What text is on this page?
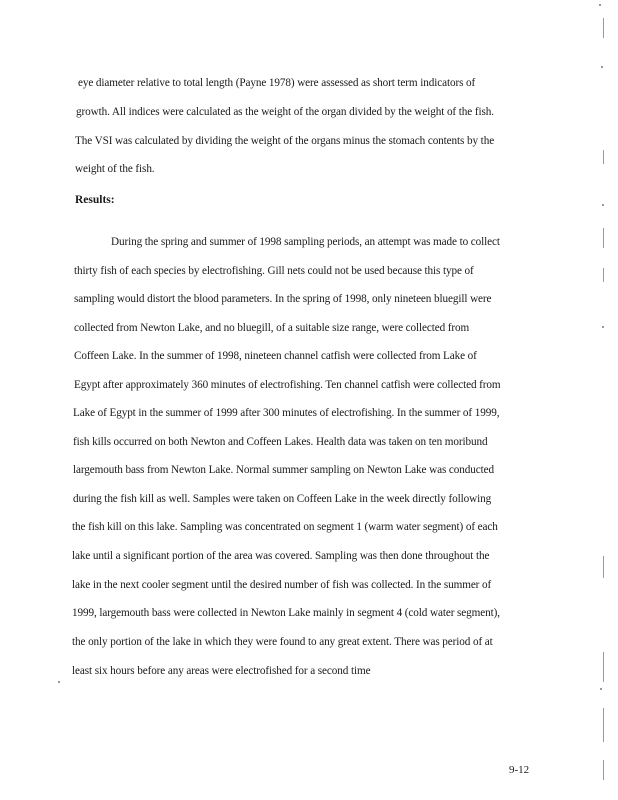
eye diameter relative to total length (Payne 1978) were assessed as short term indicators of
growth. All indices were calculated as the weight of the organ divided by the weight of the fish.
The VSI was calculated by dividing the weight of the organs minus the stomach contents by the
weight of the fish.
Results:
During the spring and summer of 1998 sampling periods, an attempt was made to collect
thirty fish of each species by electrofishing. Gill nets could not be used because this type of
sampling would distort the blood parameters. In the spring of 1998, only nineteen bluegill were
collected from Newton Lake, and no bluegill, of a suitable size range, were collected from
Coffeen Lake. In the summer of 1998, nineteen channel catfish were collected from Lake of
Egypt after approximately 360 minutes of electrofishing. Ten channel catfish were collected from
Lake of Egypt in the summer of 1999 after 300 minutes of electrofishing. In the summer of 1999,
fish kills occurred on both Newton and Coffeen Lakes. Health data was taken on ten moribund
largemouth bass from Newton Lake. Normal summer sampling on Newton Lake was conducted
during the fish kill as well. Samples were taken on Coffeen Lake in the week directly following
the fish kill on this lake. Sampling was concentrated on segment 1 (warm water segment) of each
lake until a significant portion of the area was covered. Sampling was then done throughout the
lake in the next cooler segment until the desired number of fish was collected. In the summer of
1999, largemouth bass were collected in Newton Lake mainly in segment 4 (cold water segment),
the only portion of the lake in which they were found to any great extent. There was period of at
least six hours before any areas were electrofished for a second time
9-12
